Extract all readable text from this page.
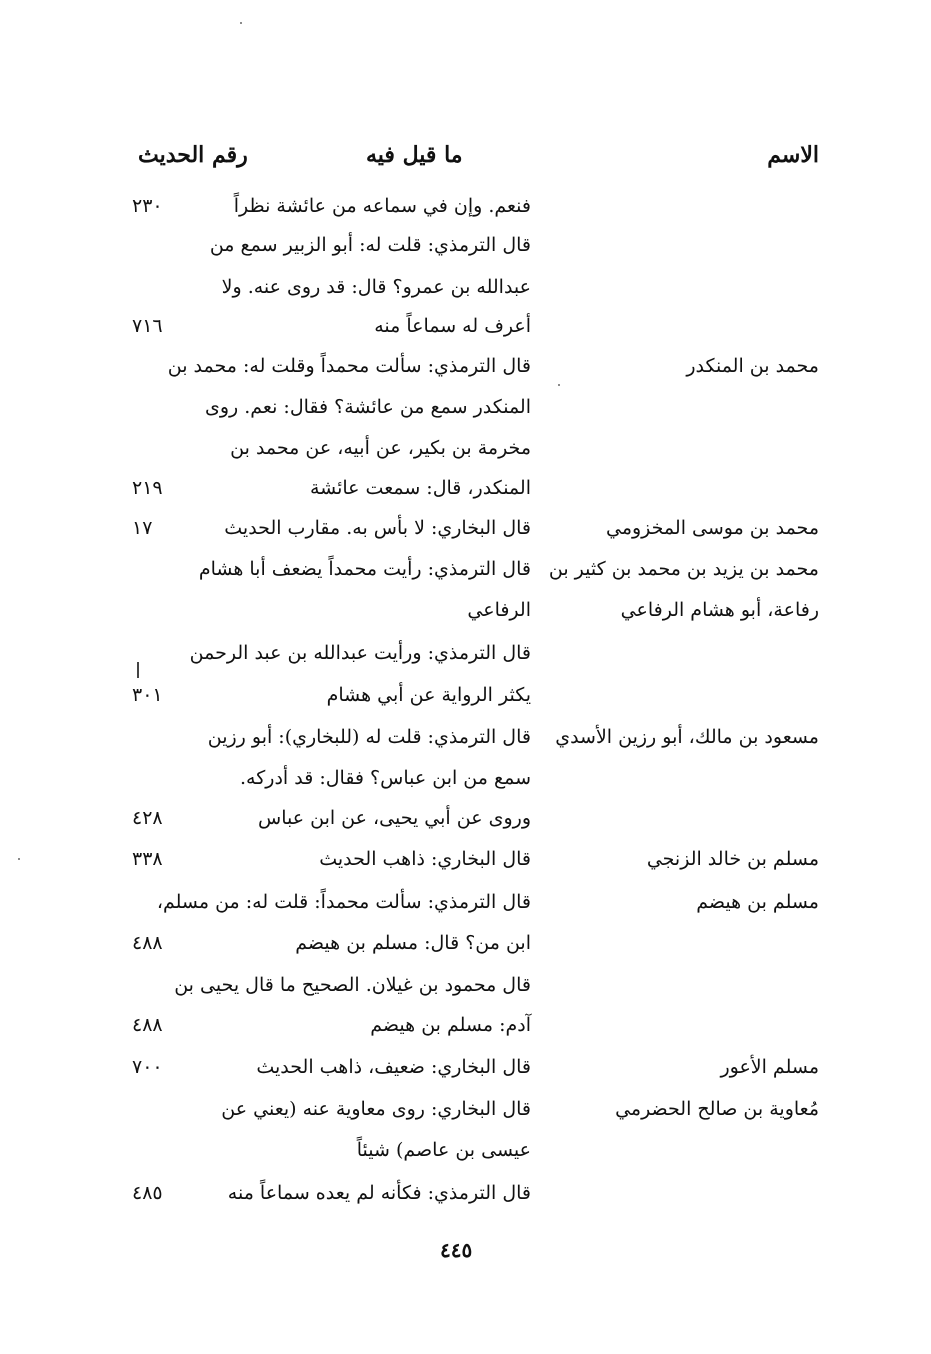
الاسم
ما قيل فيه
رقم الحديث
فنعم. وإن في سماعه من عائشة نظراً
٢٣٠
قال الترمذي: قلت له: أبو الزبير سمع من
عبدالله بن عمرو؟ قال: قد روى عنه. ولا
أعرف له سماعاً منه
٧١٦
محمد بن المنكدر
قال الترمذي: سألت محمداً وقلت له: محمد بن
المنكدر سمع من عائشة؟ فقال: نعم. روى
مخرمة بن بكير، عن أبيه، عن محمد بن
المنكدر، قال: سمعت عائشة
٢١٩
محمد بن موسى المخزومي
قال البخاري: لا بأس به. مقارب الحديث
١٧
محمد بن يزيد بن محمد بن كثير بن
قال الترمذي: رأيت محمداً يضعف أبا هشام
رفاعة، أبو هشام الرفاعي
الرفاعي
قال الترمذي: ورأيت عبدالله بن عبد الرحمن
يكثر الرواية عن أبي هشام
٣٠١
مسعود بن مالك، أبو رزين الأسدي
قال الترمذي: قلت له (للبخاري): أبو رزين
سمع من ابن عباس؟ فقال: قد أدركه.
وروى عن أبي يحيى، عن ابن عباس
٤٢٨
مسلم بن خالد الزنجي
قال البخاري: ذاهب الحديث
٣٣٨
مسلم بن هيضم
قال الترمذي: سألت محمداً: قلت له: من مسلم،
ابن من؟ قال: مسلم بن هيضم
٤٨٨
قال محمود بن غيلان. الصحيح ما قال يحيى بن
آدم: مسلم بن هيضم
٤٨٨
مسلم الأعور
قال البخاري: ضعيف، ذاهب الحديث
٧٠٠
مُعاوية بن صالح الحضرمي
قال البخاري: روى معاوية عنه (يعني عن
عيسى بن عاصم) شيئاً
قال الترمذي: فكأنه لم يعده سماعاً منه
٤٨٥
٤٤٥
